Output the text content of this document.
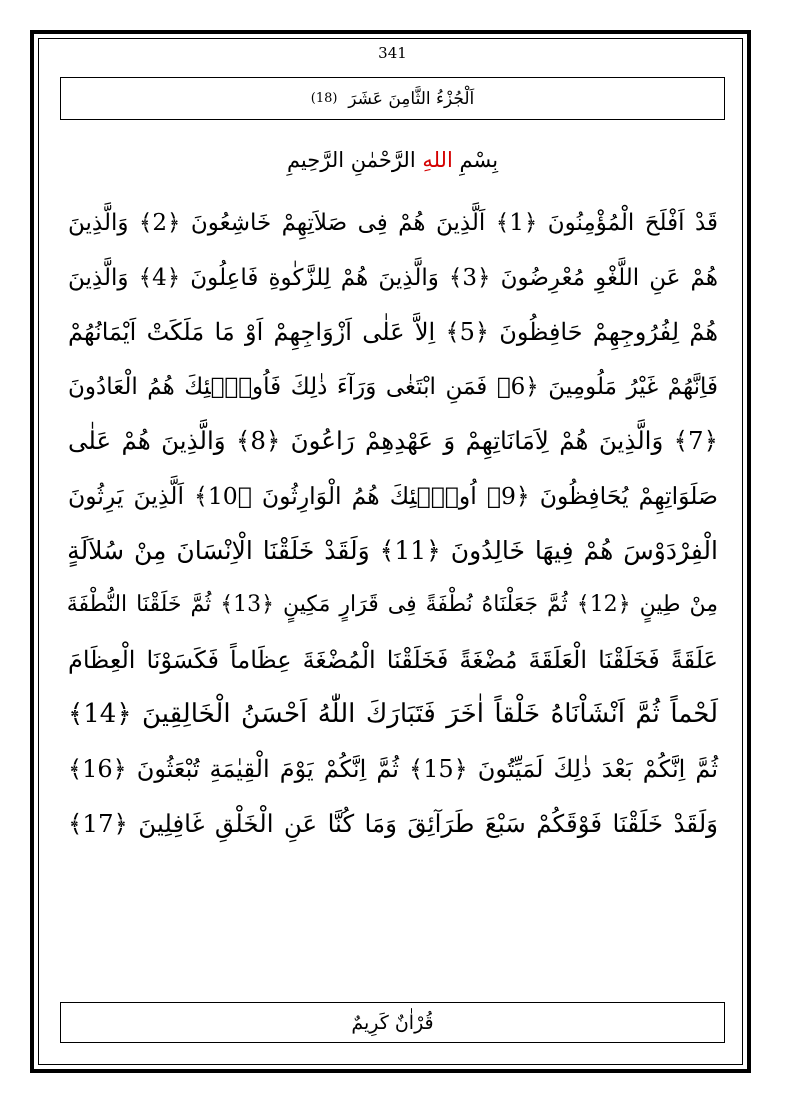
341
اَلْجُزْءُ الثَّامِنَ عَشَرَ

(18)
بِسْمِ اللهِ الرَّحْمٰنِ الرَّحِيمِ
قَدْ اَفْلَحَ الْمُؤْمِنُونَ ﴿1﴾ اَلَّذِينَ هُمْ فِى صَلاَتِهِمْ خَاشِعُونَ ﴿2﴾ وَالَّذِينَ
هُمْ عَنِ اللَّغْوِ مُعْرِضُونَ ﴿3﴾ وَالَّذِينَ هُمْ لِلزَّكٰوةِ فَاعِلُونَ ﴿4﴾ وَالَّذِينَ
هُمْ لِفُرُوجِهِمْ حَافِظُونَ ﴿5﴾ اِلاَّ عَلٰى اَزْوَاجِهِمْ اَوْ مَا مَلَكَتْ اَيْمَانُهُمْ
فَاِنَّهُمْ غَيْرُ مَلُومِينَ ﴿6﴾ فَمَنِ ابْتَغٰى وَرَآءَ ذٰلِكَ فَاُولٰۤئِكَ هُمُ الْعَادُونَ
﴿7﴾ وَالَّذِينَ هُمْ لِاَمَانَاتِهِمْ وَ عَهْدِهِمْ رَاعُونَ ﴿8﴾ وَالَّذِينَ هُمْ عَلٰى
صَلَوَاتِهِمْ يُحَافِظُونَ ﴿9﴾ اُولٰۤئِكَ هُمُ الْوَارِثُونَ ﴿10﴾ اَلَّذِينَ يَرِثُونَ
الْفِرْدَوْسَ هُمْ فِيهَا خَالِدُونَ ﴿11﴾ وَلَقَدْ خَلَقْنَا الْاِنْسَانَ مِنْ سُلاَلَةٍ
مِنْ طِينٍ ﴿12﴾ ثُمَّ جَعَلْنَاهُ نُطْفَةً فِى قَرَارٍ مَكِينٍ ﴿13﴾ ثُمَّ خَلَقْنَا النُّطْفَةَ
عَلَقَةً فَخَلَقْنَا الْعَلَقَةَ مُضْغَةً فَخَلَقْنَا الْمُضْغَةَ عِظَاماً فَكَسَوْنَا الْعِظَامَ
لَحْماً ثُمَّ اَنْشَاْنَاهُ خَلْقاً اٰخَرَ فَتَبَارَكَ اللّٰهُ اَحْسَنُ الْخَالِقِينَ ﴿14﴾
ثُمَّ اِنَّكُمْ بَعْدَ ذٰلِكَ لَمَيِّتُونَ ﴿15﴾ ثُمَّ اِنَّكُمْ يَوْمَ الْقِيٰمَةِ تُبْعَثُونَ ﴿16﴾
وَلَقَدْ خَلَقْنَا فَوْقَكُمْ سَبْعَ طَرَآئِقَ وَمَا كُنَّا عَنِ الْخَلْقِ غَافِلِينَ ﴿17﴾
قُرْاٰنٌ كَرِيمٌ
